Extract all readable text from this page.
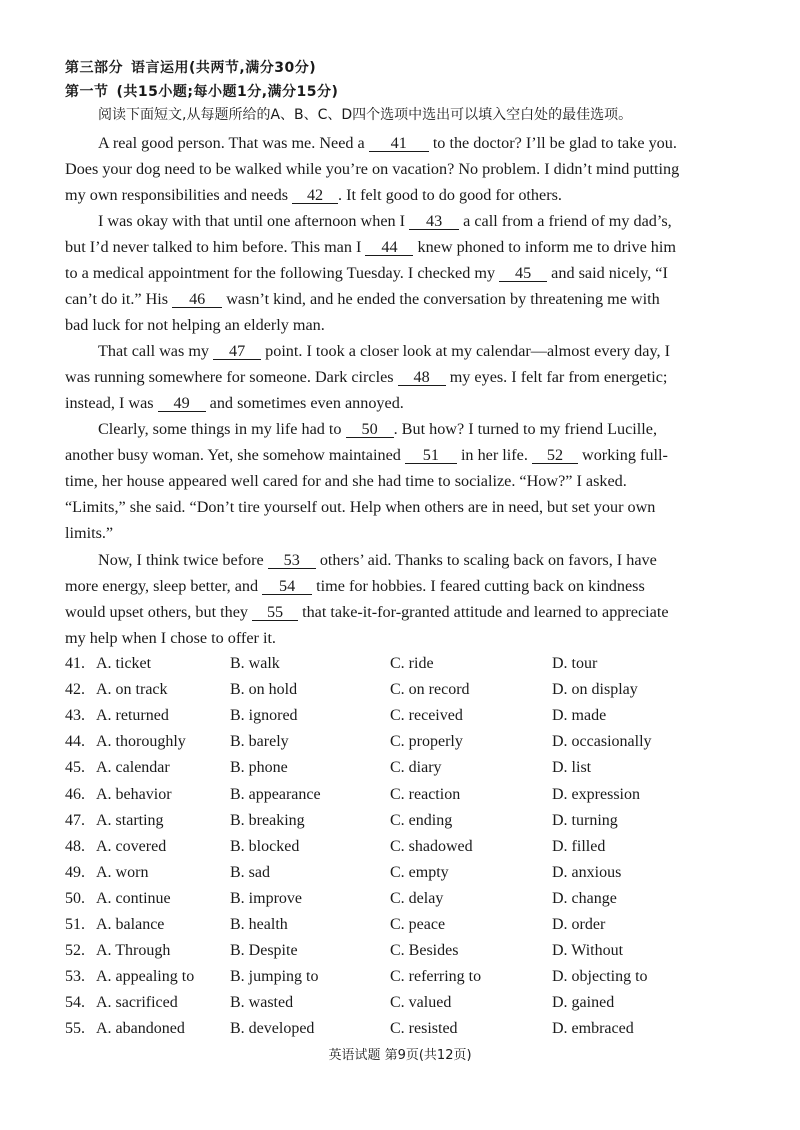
第三部分 语言运用(共两节,满分30分)
第一节 (共15小题;每小题1分,满分15分)
阅读下面短文,从每题所给的A、B、C、D四个选项中选出可以填入空白处的最佳选项。
A real good person. That was me. Need a 41 to the doctor? I’ll be glad to take you.
Does your dog need to be walked while you’re on vacation? No problem. I didn’t mind putting
my own responsibilities and needs 42 . It felt good to do good for others.
I was okay with that until one afternoon when I 43 a call from a friend of my dad’s,
but I’d never talked to him before. This man I 44 knew phoned to inform me to drive him
to a medical appointment for the following Tuesday. I checked my 45 and said nicely, “I
can’t do it.” His 46 wasn’t kind, and he ended the conversation by threatening me with
bad luck for not helping an elderly man.
That call was my 47 point. I took a closer look at my calendar—almost every day, I
was running somewhere for someone. Dark circles 48 my eyes. I felt far from energetic;
instead, I was 49 and sometimes even annoyed.
Clearly, some things in my life had to 50 . But how? I turned to my friend Lucille,
another busy woman. Yet, she somehow maintained 51 in her life. 52 working full-
time, her house appeared well cared for and she had time to socialize. “How?” I asked.
“Limits,” she said. “Don’t tire yourself out. Help when others are in need, but set your own
limits.”
Now, I think twice before 53 others’ aid. Thanks to scaling back on favors, I have
more energy, sleep better, and 54 time for hobbies. I feared cutting back on kindness
would upset others, but they 55 that take-it-for-granted attitude and learned to appreciate
my help when I chose to offer it.
41. A. ticket	B. walk	C. ride	D. tour
42. A. on track	B. on hold	C. on record	D. on display
43. A. returned	B. ignored	C. received	D. made
44. A. thoroughly	B. barely	C. properly	D. occasionally
45. A. calendar	B. phone	C. diary	D. list
46. A. behavior	B. appearance	C. reaction	D. expression
47. A. starting	B. breaking	C. ending	D. turning
48. A. covered	B. blocked	C. shadowed	D. filled
49. A. worn	B. sad	C. empty	D. anxious
50. A. continue	B. improve	C. delay	D. change
51. A. balance	B. health	C. peace	D. order
52. A. Through	B. Despite	C. Besides	D. Without
53. A. appealing to B. jumping to	C. referring to	D. objecting to
54. A. sacrificed	B. wasted	C. valued	D. gained
55. A. abandoned	B. developed	C. resisted	D. embraced
英语试题 第9页(共12页)
